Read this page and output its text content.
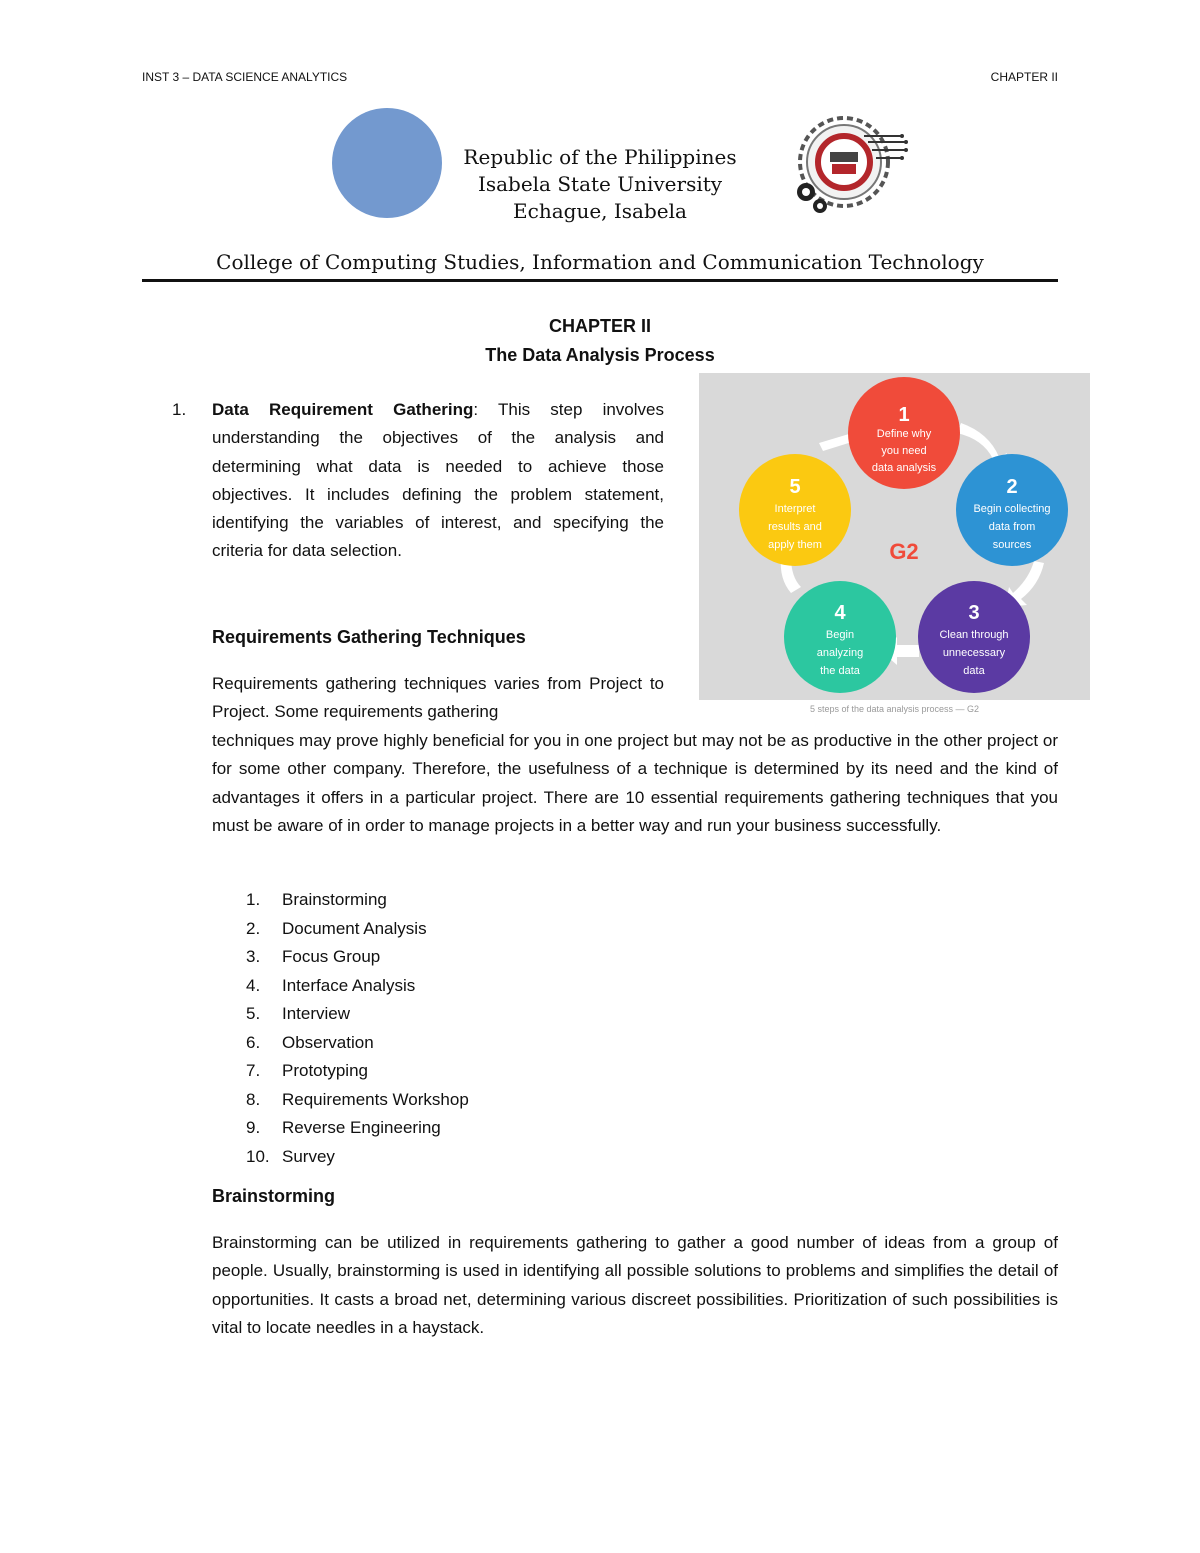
INST 3 – DATA SCIENCE ANALYTICS	CHAPTER II
Republic of the Philippines
Isabela State University
Echague, Isabela
College of Computing Studies, Information and Communication Technology
CHAPTER II
The Data Analysis Process
1. Data Requirement Gathering: This step involves understanding the objectives of the analysis and determining what data is needed to achieve those objectives. It includes defining the problem statement, identifying the variables of interest, and specifying the criteria for data selection.
Requirements Gathering Techniques
Requirements gathering techniques varies from Project to Project. Some requirements gathering
techniques may prove highly beneficial for you in one project but may not be as productive in the other project or for some other company. Therefore, the usefulness of a technique is determined by its need and the kind of advantages it offers in a particular project. There are 10 essential requirements gathering techniques that you must be aware of in order to manage projects in a better way and run your business successfully.
1
Define why
you need
data analysis
2
Begin collecting
data from
sources
3
Clean through
unnecessary
data
4
Begin
analyzing
the data
5
Interpret
results and
apply them	G2
5 steps of the data analysis process — G2
1. Brainstorming
2. Document Analysis
3. Focus Group
4. Interface Analysis
5. Interview
6. Observation
7. Prototyping
8. Requirements Workshop
9. Reverse Engineering
10. Survey
Brainstorming
Brainstorming can be utilized in requirements gathering to gather a good number of ideas from a group of people. Usually, brainstorming is used in identifying all possible solutions to problems and simplifies the detail of opportunities. It casts a broad net, determining various discreet possibilities. Prioritization of such possibilities is vital to locate needles in a haystack.
